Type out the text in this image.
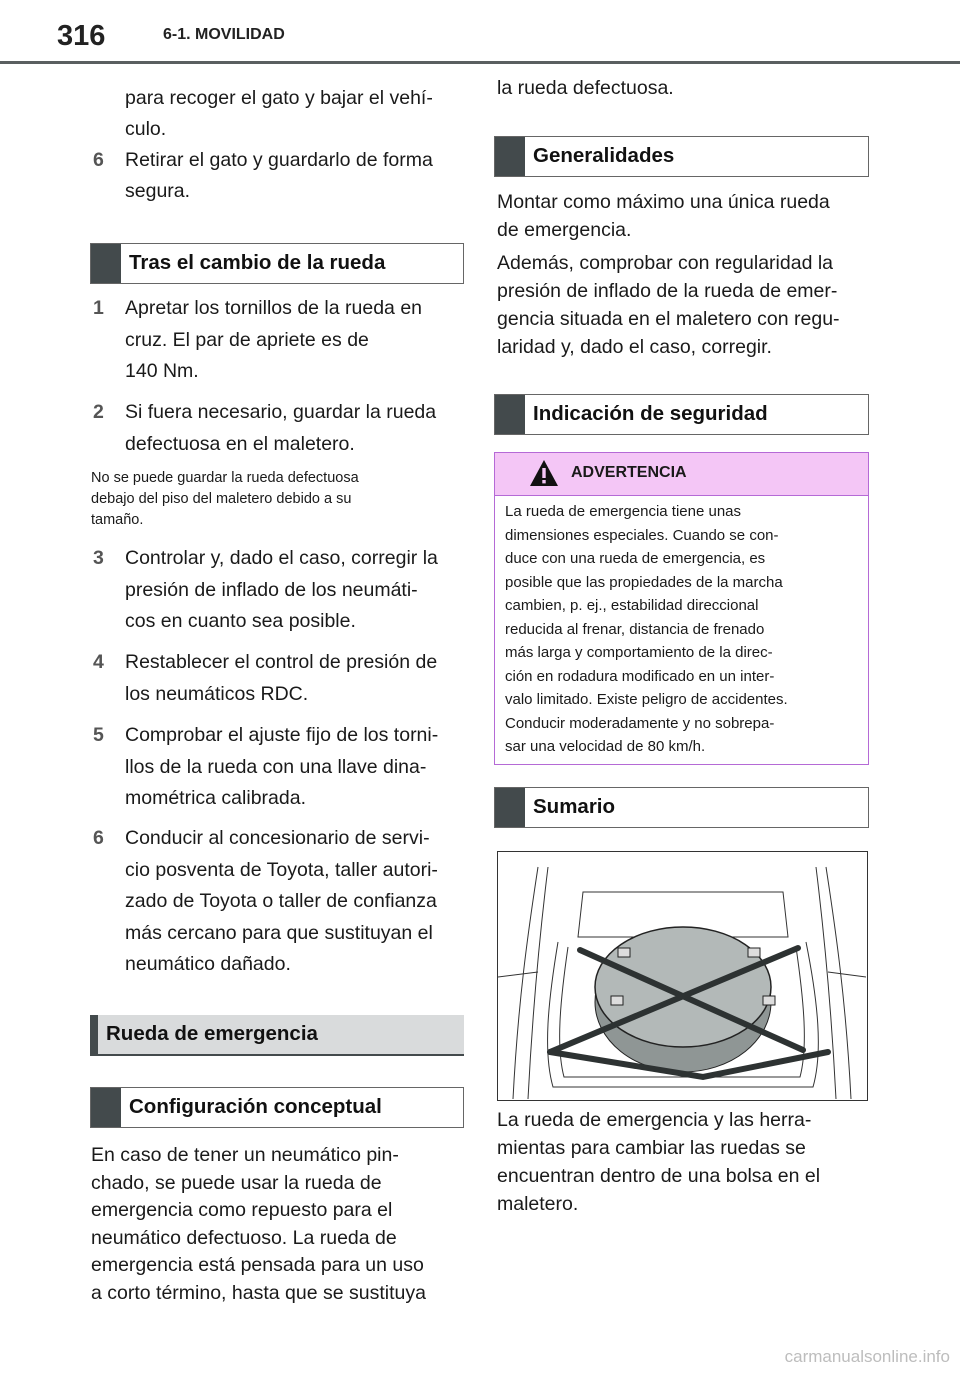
316	6-1. MOVILIDAD
para recoger el gato y bajar el vehí-
culo.
6 Retirar el gato y guardarlo de forma
segura.
Tras el cambio de la rueda
1 Apretar los tornillos de la rueda en
cruz. El par de apriete es de
140 Nm.
2 Si fuera necesario, guardar la rueda
defectuosa en el maletero.
3 Controlar y, dado el caso, corregir la
presión de inflado de los neumáti-
cos en cuanto sea posible.
4 Restablecer el control de presión de
los neumáticos RDC.
5 Comprobar el ajuste fijo de los torni-
llos de la rueda con una llave dina-
mométrica calibrada.
6 Conducir al concesionario de servi-
cio posventa de Toyota, taller autori-
zado de Toyota o taller de confianza
más cercano para que sustituyan el
neumático dañado.
No se puede guardar la rueda defectuosa
debajo del piso del maletero debido a su
tamaño.
Rueda de emergencia
Configuración conceptual
En caso de tener un neumático pin-
chado, se puede usar la rueda de
emergencia como repuesto para el
neumático defectuoso. La rueda de
emergencia está pensada para un uso
a corto término, hasta que se sustituya
la rueda defectuosa.
Generalidades
Montar como máximo una única rueda
de emergencia.
Además, comprobar con regularidad la
presión de inflado de la rueda de emer-
gencia situada en el maletero con regu-
laridad y, dado el caso, corregir.
Indicación de seguridad
Sumario
La rueda de emergencia y las herra-
mientas para cambiar las ruedas se
encuentran dentro de una bolsa en el
maletero.
ADVERTENCIA
La rueda de emergencia tiene unas
dimensiones especiales. Cuando se con-
duce con una rueda de emergencia, es
posible que las propiedades de la marcha
cambien, p. ej., estabilidad direccional
reducida al frenar, distancia de frenado
más larga y comportamiento de la direc-
ción en rodadura modificado en un inter-
valo limitado. Existe peligro de accidentes.
Conducir moderadamente y no sobrepa-
sar una velocidad de 80 km/h.
carmanualsonline.info
